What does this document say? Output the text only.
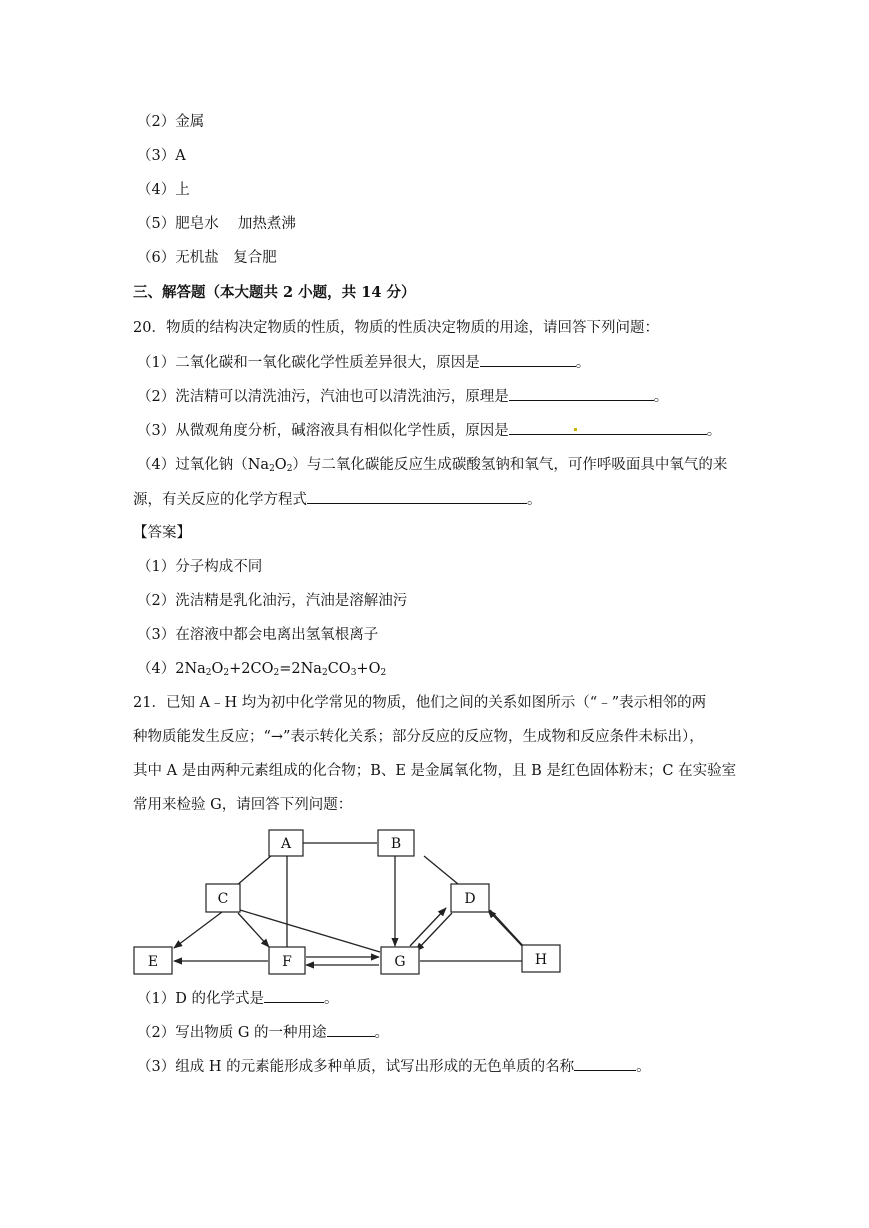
（2）金属
（3）A
（4）上
（5）肥皂水　 加热煮沸
（6）无机盐　复合肥
三、解答题（本大题共 2 小题，共 14 分）
20．物质的结构决定物质的性质，物质的性质决定物质的用途，请回答下列问题：
（1）二氧化碳和一氧化碳化学性质差异很大，原因是	。
（2）洗洁精可以清洗油污，汽油也可以清洗油污，原理是	。
（3）从微观角度分析，碱溶液具有相似化学性质，原因是	。
（4）过氧化钠$(Na_2O_2)$与二氧化碳能反应生成碳酸氢钠和氧气，可作呼吸面具中氧气的来
源，有关反应的化学方程式	。
【答案】
（1）分子构成不同
（2）洗洁精是乳化油污，汽油是溶解油污
（3）在溶液中都会电离出氢氧根离子
$(4)2Na_2O_2+2CO_2=2Na_2CO_3+O_2$
21．已知 A﹣H 均为初中化学常见的物质，他们之间的关系如图所示（“﹣”表示相邻的两
种物质能发生反应；“→”表示转化关系；部分反应的反应物，生成物和反应条件未标出），
其中 A 是由两种元素组成的化合物；B、E 是金属氧化物，且 B 是红色固体粉末；C 在实验室
常用来检验 G，请回答下列问题：
A	B
C	D
E	F	G	H
（1）D 的化学式是	。
（2）写出物质 G 的一种用途	。
（3）组成 H 的元素能形成多种单质，试写出形成的无色单质的名称	。
